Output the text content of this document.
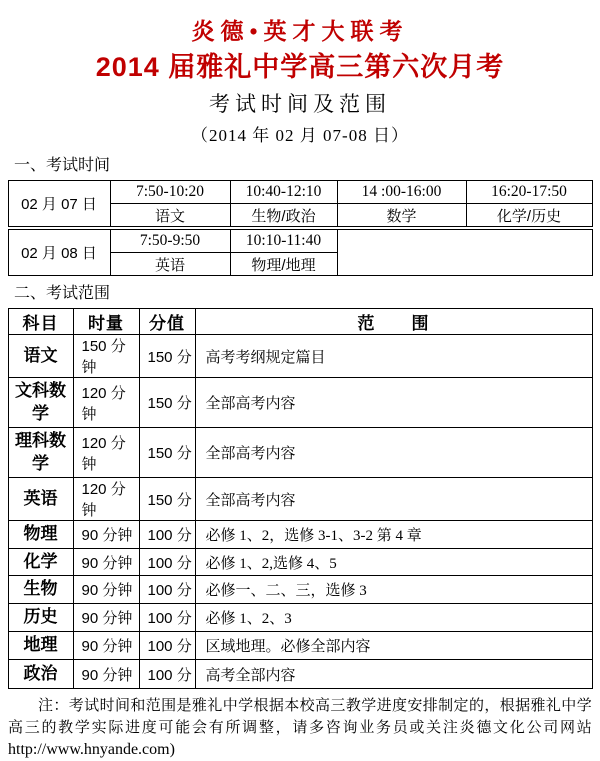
炎德•英才大联考
2014 届雅礼中学高三第六次月考
考试时间及范围
（2014 年 02 月 07-08 日）
一、考试时间
02 月 07 日	7:50-10:20	10:40-12:10	14 :00-16:00	16:20-17:50
	语文	生物/政治	数学	化学/历史
02 月 08 日	7:50-9:50	10:10-11:40		
	英语	物理/地理		
二、考试范围
科目	时量	分值	范　　围
语文	150 分钟	150 分	高考考纲规定篇目
文科数学	120 分钟	150 分	全部高考内容
理科数学	120 分钟	150 分	全部高考内容
英语	120 分钟	150 分	全部高考内容
物理	90 分钟	100 分	必修 1、2，选修 3-1、3-2 第 4 章
化学	90 分钟	100 分	必修 1、2,选修 4、5
生物	90 分钟	100 分	必修一、二、三，选修 3
历史	90 分钟	100 分	必修 1、2、3
地理	90 分钟	100 分	区域地理。必修全部内容
政治	90 分钟	100 分	高考全部内容
注：考试时间和范围是雅礼中学根据本校高三教学进度安排制定的，根据雅礼中学
高三的教学实际进度可能会有所调整，请多咨询业务员或关注炎德文化公司网站
http://www.hnyande.com)
